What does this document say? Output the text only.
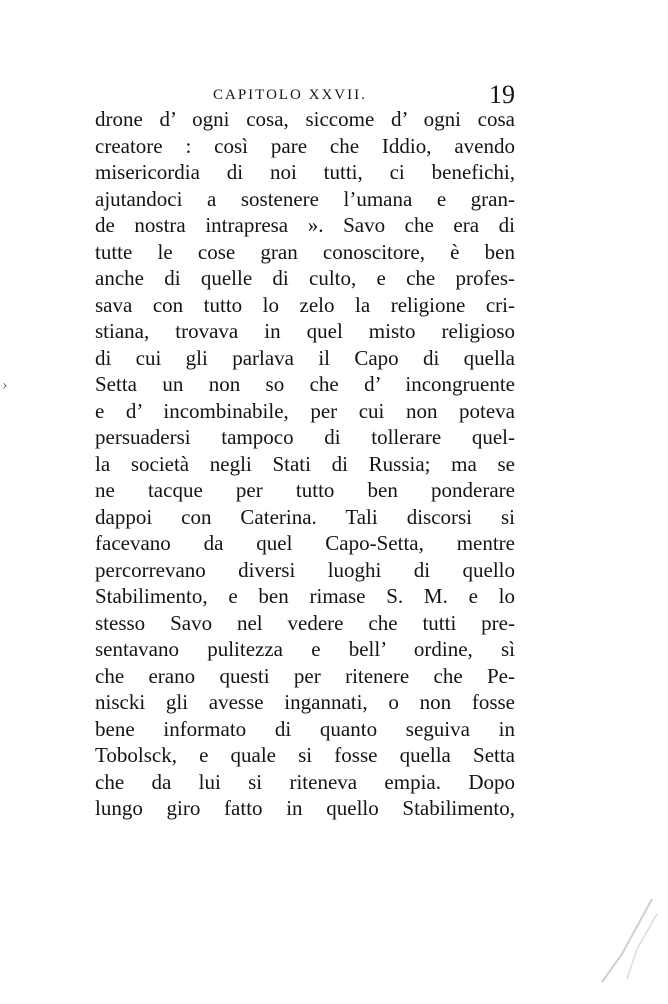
CAPITOLO XXVII.	19
drone d’ ogni cosa, siccome d’ ogni cosa
creatore : così pare che Iddio, avendo
misericordia di noi tutti, ci benefichi,
ajutandoci a sostenere l’umana e gran-
de nostra intrapresa ». Savo che era di
tutte le cose gran conoscitore, è ben
anche di quelle di culto, e che profes-
sava con tutto lo zelo la religione cri-
stiana, trovava in quel misto religioso
di cui gli parlava il Capo di quella
Setta un non so che d’ incongruente
e d’ incombinabile, per cui non poteva
persuadersi tampoco di tollerare quel-
la società negli Stati di Russia; ma se
ne tacque per tutto ben ponderare
dappoi con Caterina. Tali discorsi si
facevano da quel Capo-Setta, mentre
percorrevano diversi luoghi di quello
Stabilimento, e ben rimase S. M. e lo
stesso Savo nel vedere che tutti pre-
sentavano pulitezza e bell’ ordine, sì
che erano questi per ritenere che Pe-
niscki gli avesse ingannati, o non fosse
bene informato di quanto seguiva in
Tobolsck, e quale si fosse quella Setta
che da lui si riteneva empia. Dopo
lungo giro fatto in quello Stabilimento,
›
